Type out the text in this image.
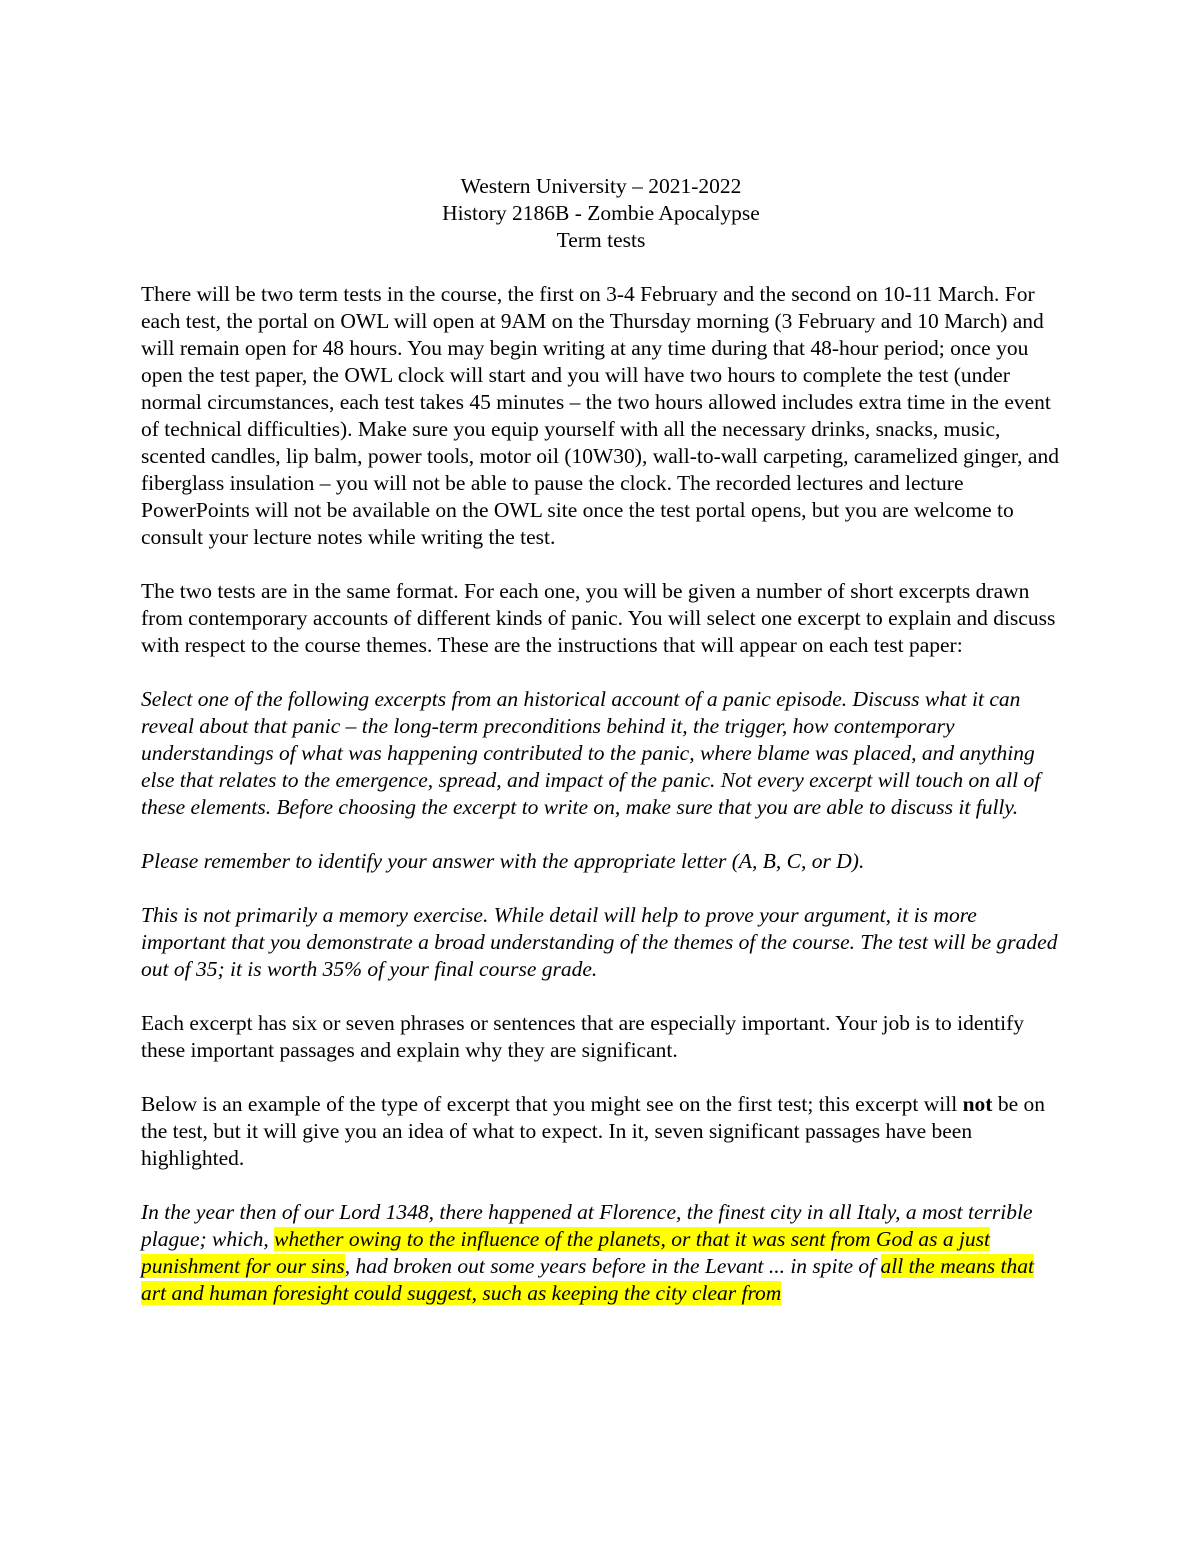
Western University – 2021-2022
History 2186B - Zombie Apocalypse
Term tests

There will be two term tests in the course, the first on 3-4 February and the second on 10-11 March. For each test, the portal on OWL will open at 9AM on the Thursday morning (3 February and 10 March) and will remain open for 48 hours. You may begin writing at any time during that 48-hour period; once you open the test paper, the OWL clock will start and you will have two hours to complete the test (under normal circumstances, each test takes 45 minutes – the two hours allowed includes extra time in the event of technical difficulties). Make sure you equip yourself with all the necessary drinks, snacks, music, scented candles, lip balm, power tools, motor oil (10W30), wall-to-wall carpeting, caramelized ginger, and fiberglass insulation – you will not be able to pause the clock. The recorded lectures and lecture PowerPoints will not be available on the OWL site once the test portal opens, but you are welcome to consult your lecture notes while writing the test.

The two tests are in the same format. For each one, you will be given a number of short excerpts drawn from contemporary accounts of different kinds of panic. You will select one excerpt to explain and discuss with respect to the course themes. These are the instructions that will appear on each test paper:

Select one of the following excerpts from an historical account of a panic episode. Discuss what it can reveal about that panic – the long-term preconditions behind it, the trigger, how contemporary understandings of what was happening contributed to the panic, where blame was placed, and anything else that relates to the emergence, spread, and impact of the panic. Not every excerpt will touch on all of these elements. Before choosing the excerpt to write on, make sure that you are able to discuss it fully.

Please remember to identify your answer with the appropriate letter (A, B, C, or D).

This is not primarily a memory exercise. While detail will help to prove your argument, it is more important that you demonstrate a broad understanding of the themes of the course. The test will be graded out of 35; it is worth 35% of your final course grade.

Each excerpt has six or seven phrases or sentences that are especially important. Your job is to identify these important passages and explain why they are significant.

Below is an example of the type of excerpt that you might see on the first test; this excerpt will not be on the test, but it will give you an idea of what to expect. In it, seven significant passages have been highlighted.

In the year then of our Lord 1348, there happened at Florence, the finest city in all Italy, a most terrible plague; which, whether owing to the influence of the planets, or that it was sent from God as a just punishment for our sins, had broken out some years before in the Levant ... in spite of all the means that art and human foresight could suggest, such as keeping the city clear from
